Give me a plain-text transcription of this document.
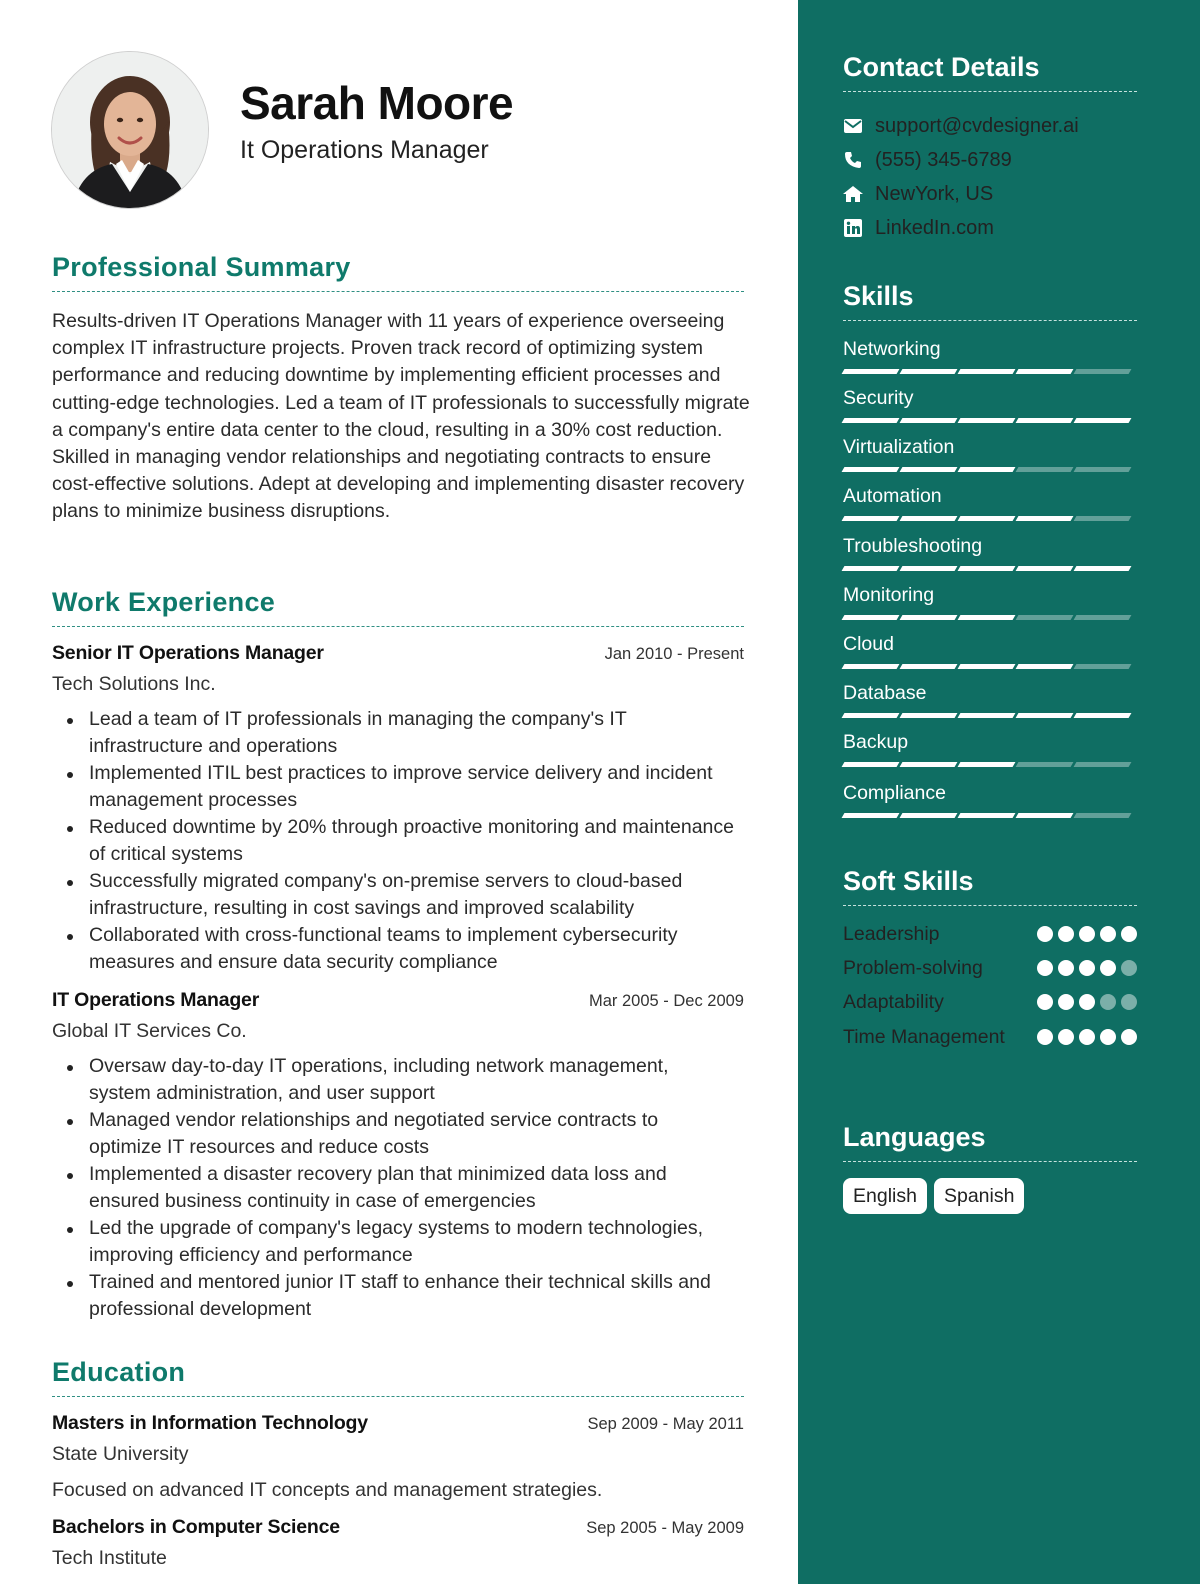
Sarah Moore
It Operations Manager
Professional Summary

Results-driven IT Operations Manager with 11 years of experience overseeing complex IT infrastructure projects. Proven track record of optimizing system performance and reducing downtime by implementing efficient processes and cutting-edge technologies. Led a team of IT professionals to successfully migrate a company's entire data center to the cloud, resulting in a 30% cost reduction. Skilled in managing vendor relationships and negotiating contracts to ensure cost-effective solutions. Adept at developing and implementing disaster recovery plans to minimize business disruptions.

Work Experience
Senior IT Operations Manager	Jan 2010 - Present
Tech Solutions Inc.
Lead a team of IT professionals in managing the company's IT infrastructure and operations
Implemented ITIL best practices to improve service delivery and incident management processes
Reduced downtime by 20% through proactive monitoring and maintenance of critical systems
Successfully migrated company's on-premise servers to cloud-based infrastructure, resulting in cost savings and improved scalability
Collaborated with cross-functional teams to implement cybersecurity measures and ensure data security compliance
IT Operations Manager	Mar 2005 - Dec 2009
Global IT Services Co.
Oversaw day-to-day IT operations, including network management, system administration, and user support
Managed vendor relationships and negotiated service contracts to optimize IT resources and reduce costs
Implemented a disaster recovery plan that minimized data loss and ensured business continuity in case of emergencies
Led the upgrade of company's legacy systems to modern technologies, improving efficiency and performance
Trained and mentored junior IT staff to enhance their technical skills and professional development
Education
Masters in Information Technology	Sep 2009 - May 2011
State University
Focused on advanced IT concepts and management strategies.
Bachelors in Computer Science	Sep 2005 - May 2009
Tech Institute
Contact Details
support@cvdesigner.ai
(555) 345-6789
NewYork, US
LinkedIn.com
Skills
Networking
Security
Virtualization
Automation
Troubleshooting
Monitoring
Cloud
Database
Backup
Compliance
Soft Skills
Leadership
Problem-solving
Adaptability
Time Management
Languages
English	Spanish
